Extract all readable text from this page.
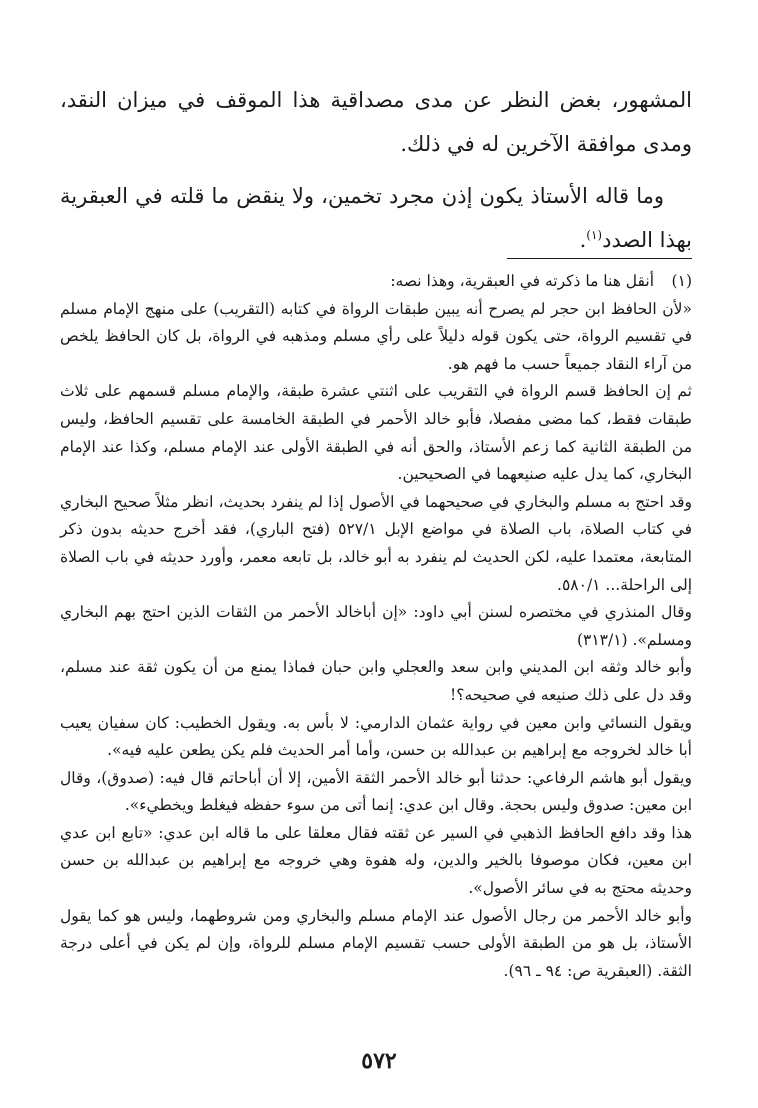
المشهور، بغض النظر عن مدى مصداقية هذا الموقف في ميزان النقد، ومدى موافقة الآخرين له في ذلك.

وما قاله الأستاذ يكون إذن مجرد تخمين، ولا ينقض ما قلته في العبقرية بهذا الصدد$^{(١)}$.

(١)
أنقل هنا ما ذكرته في العبقرية، وهذا نصه:

«لأن الحافظ ابن حجر لم يصرح أنه يبين طبقات الرواة في كتابه (التقريب) على منهج الإمام مسلم في تقسيم الرواة، حتى يكون قوله دليلاً على رأي مسلم ومذهبه في الرواة، بل كان الحافظ يلخص من آراء النقاد جميعاً حسب ما فهم هو.

ثم إن الحافظ قسم الرواة في التقريب على اثنتي عشرة طبقة، والإمام مسلم قسمهم على ثلاث طبقات فقط، كما مضى مفصلا، فأبو خالد الأحمر في الطبقة الخامسة على تقسيم الحافظ، وليس من الطبقة الثانية كما زعم الأستاذ، والحق أنه في الطبقة الأولى عند الإمام مسلم، وكذا عند الإمام البخاري، كما يدل عليه صنيعهما في الصحيحين.

وقد احتج به مسلم والبخاري في صحيحهما في الأصول إذا لم ينفرد بحديث، انظر مثلاً صحيح البخاري في كتاب الصلاة، باب الصلاة في مواضع الإبل ٥٢٧/١ (فتح الباري)، فقد أخرج حديثه بدون ذكر المتابعة، معتمدا عليه، لكن الحديث لم ينفرد به أبو خالد، بل تابعه معمر، وأورد حديثه في باب الصلاة إلى الراحلة... ٥٨٠/١.

وقال المنذري في مختصره لسنن أبي داود: «إن أباخالد الأحمر من الثقات الذين احتج بهم البخاري ومسلم». (٣١٣/١)

وأبو خالد وثقه ابن المديني وابن سعد والعجلي وابن حبان فماذا يمنع من أن يكون ثقة عند مسلم، وقد دل على ذلك صنيعه في صحيحه؟!

ويقول النسائي وابن معين في رواية عثمان الدارمي: لا بأس به. ويقول الخطيب: كان سفيان يعيب أبا خالد لخروجه مع إبراهيم بن عبدالله بن حسن، وأما أمر الحديث فلم يكن يطعن عليه فيه».

ويقول أبو هاشم الرفاعي: حدثنا أبو خالد الأحمر الثقة الأمين، إلا أن أباحاتم قال فيه: (صدوق)، وقال ابن معين: صدوق وليس بحجة. وقال ابن عدي: إنما أتى من سوء حفظه فيغلط ويخطيء».

هذا وقد دافع الحافظ الذهبي في السير عن ثقته فقال معلقا على ما قاله ابن عدي: «تابع ابن عدي ابن معين، فكان موصوفا بالخير والدين، وله هفوة وهي خروجه مع إبراهيم بن عبدالله بن حسن وحديثه محتج به في سائر الأصول».

وأبو خالد الأحمر من رجال الأصول عند الإمام مسلم والبخاري ومن شروطهما، وليس هو كما يقول الأستاذ، بل هو من الطبقة الأولى حسب تقسيم الإمام مسلم للرواة، وإن لم يكن في أعلى درجة الثقة. (العبقرية ص: ٩٤ ـ ٩٦).

٥٧٢
